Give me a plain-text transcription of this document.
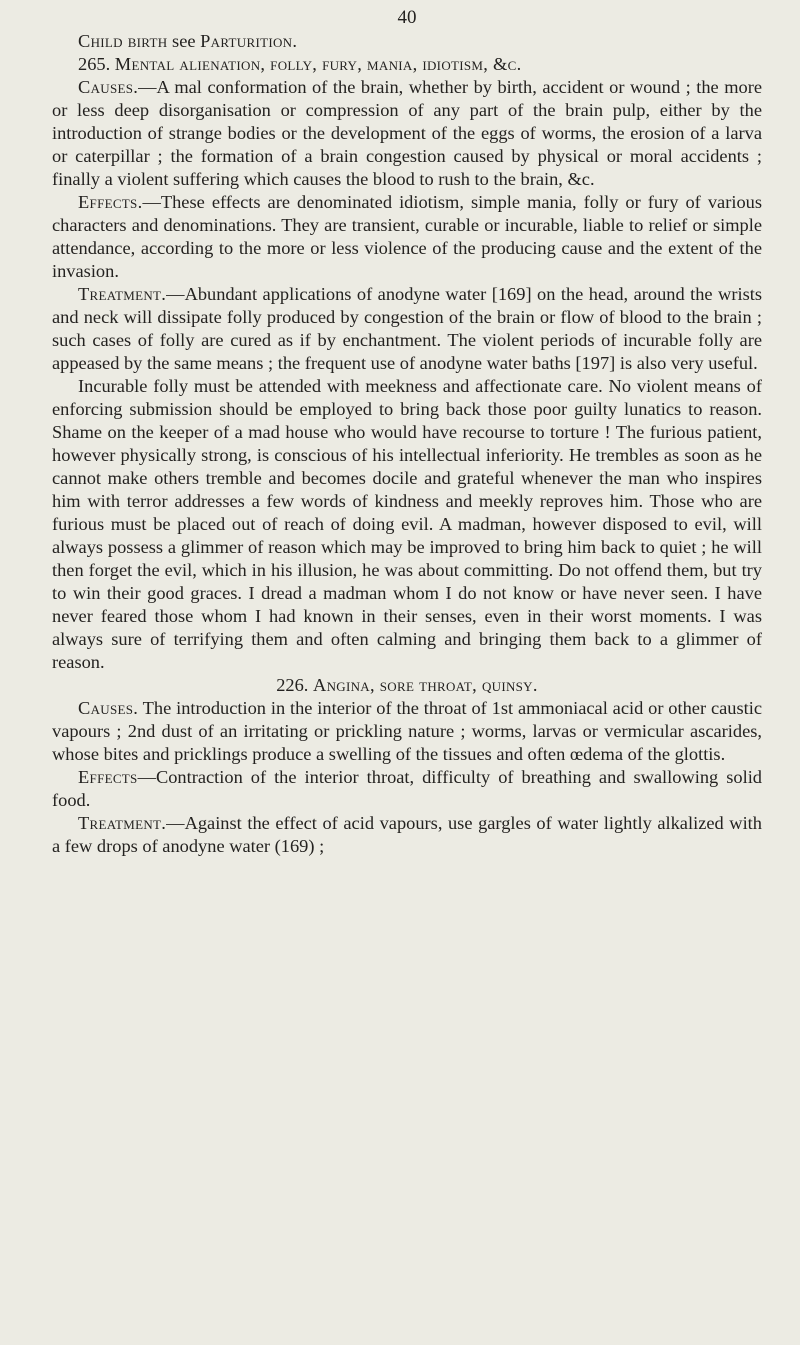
40

Child birth see Parturition.

265. Mental alienation, folly, fury, mania, idiotism, &c.

Causes.—A mal conformation of the brain, whether by birth, accident or wound ; the more or less deep disorganisation or compression of any part of the brain pulp, either by the introduction of strange bodies or the development of the eggs of worms, the erosion of a larva or caterpillar ; the formation of a brain congestion caused by physical or moral accidents ; finally a violent suffering which causes the blood to rush to the brain, &c.

Effects.—These effects are denominated idiotism, simple mania, folly or fury of various characters and denominations. They are transient, curable or incurable, liable to relief or simple attendance, according to the more or less violence of the producing cause and the extent of the invasion.

Treatment.—Abundant applications of anodyne water [169] on the head, around the wrists and neck will dissipate folly produced by congestion of the brain or flow of blood to the brain ; such cases of folly are cured as if by enchantment. The violent periods of incurable folly are appeased by the same means ; the frequent use of anodyne water baths [197] is also very useful.

Incurable folly must be attended with meekness and affectionate care. No violent means of enforcing submission should be employed to bring back those poor guilty lunatics to reason. Shame on the keeper of a mad house who would have recourse to torture ! The furious patient, however physically strong, is conscious of his intellectual inferiority. He trembles as soon as he cannot make others tremble and becomes docile and grateful whenever the man who inspires him with terror addresses a few words of kindness and meekly reproves him. Those who are furious must be placed out of reach of doing evil. A madman, however disposed to evil, will always possess a glimmer of reason which may be improved to bring him back to quiet ; he will then forget the evil, which in his illusion, he was about committing. Do not offend them, but try to win their good graces. I dread a madman whom I do not know or have never seen. I have never feared those whom I had known in their senses, even in their worst moments. I was always sure of terrifying them and often calming and bringing them back to a glimmer of reason.

226. Angina, sore throat, quinsy.

Causes. The introduction in the interior of the throat of 1st ammoniacal acid or other caustic vapours ; 2nd dust of an irritating or prickling nature ; worms, larvas or vermicular ascarides, whose bites and pricklings produce a swelling of the tissues and often œdema of the glottis.

Effects—Contraction of the interior throat, difficulty of breathing and swallowing solid food.

Treatment.—Against the effect of acid vapours, use gargles of water lightly alkalized with a few drops of anodyne water (169) ;
